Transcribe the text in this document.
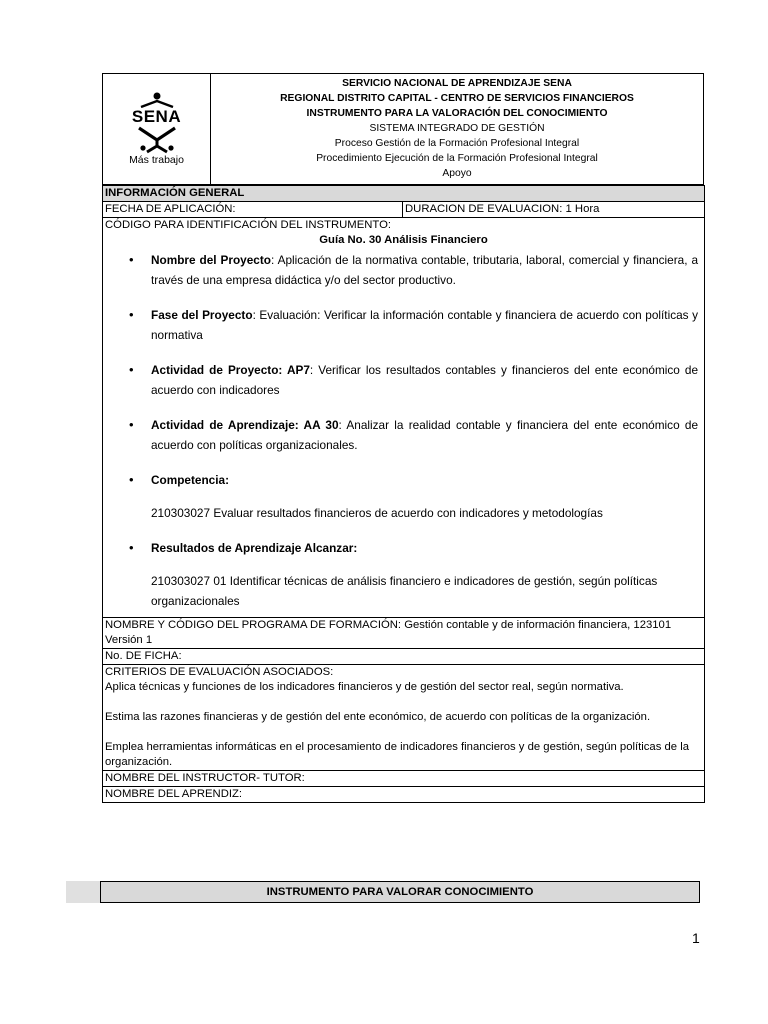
SENA
Más trabajo
SERVICIO NACIONAL DE APRENDIZAJE SENA
REGIONAL DISTRITO CAPITAL - CENTRO DE SERVICIOS FINANCIEROS
INSTRUMENTO PARA LA VALORACIÓN DEL CONOCIMIENTO
SISTEMA INTEGRADO DE GESTIÓN
Proceso Gestión de la Formación Profesional Integral
Procedimiento Ejecución de la Formación Profesional Integral
Apoyo
INFORMACIÓN GENERAL
FECHA DE APLICACIÓN:	DURACION DE EVALUACION: 1 Hora

CÓDIGO PARA IDENTIFICACIÓN DEL INSTRUMENTO:
Guía No. 30 Análisis Financiero
• Nombre del Proyecto: Aplicación de la normativa contable, tributaria, laboral, comercial y financiera, a través de una empresa didáctica y/o del sector productivo.
• Fase del Proyecto: Evaluación: Verificar la información contable y financiera de acuerdo con políticas y normativa
• Actividad de Proyecto: AP7: Verificar los resultados contables y financieros del ente económico de acuerdo con indicadores
• Actividad de Aprendizaje: AA 30: Analizar la realidad contable y financiera del ente económico de acuerdo con políticas organizacionales.
• Competencia:
210303027 Evaluar resultados financieros de acuerdo con indicadores y metodologías
• Resultados de Aprendizaje Alcanzar:
210303027 01 Identificar técnicas de análisis financiero e indicadores de gestión, según políticas organizacionales

NOMBRE Y CÓDIGO DEL PROGRAMA DE FORMACIÓN: Gestión contable y de información financiera, 123101 Versión 1
No. DE FICHA:

CRITERIOS DE EVALUACIÓN ASOCIADOS:
Aplica técnicas y funciones de los indicadores financieros y de gestión del sector real, según normativa.
Estima las razones financieras y de gestión del ente económico, de acuerdo con políticas de la organización.
Emplea herramientas informáticas en el procesamiento de indicadores financieros y de gestión, según políticas de la organización.

NOMBRE DEL INSTRUCTOR- TUTOR:
NOMBRE DEL APRENDIZ:
INSTRUMENTO PARA VALORAR CONOCIMIENTO
1
